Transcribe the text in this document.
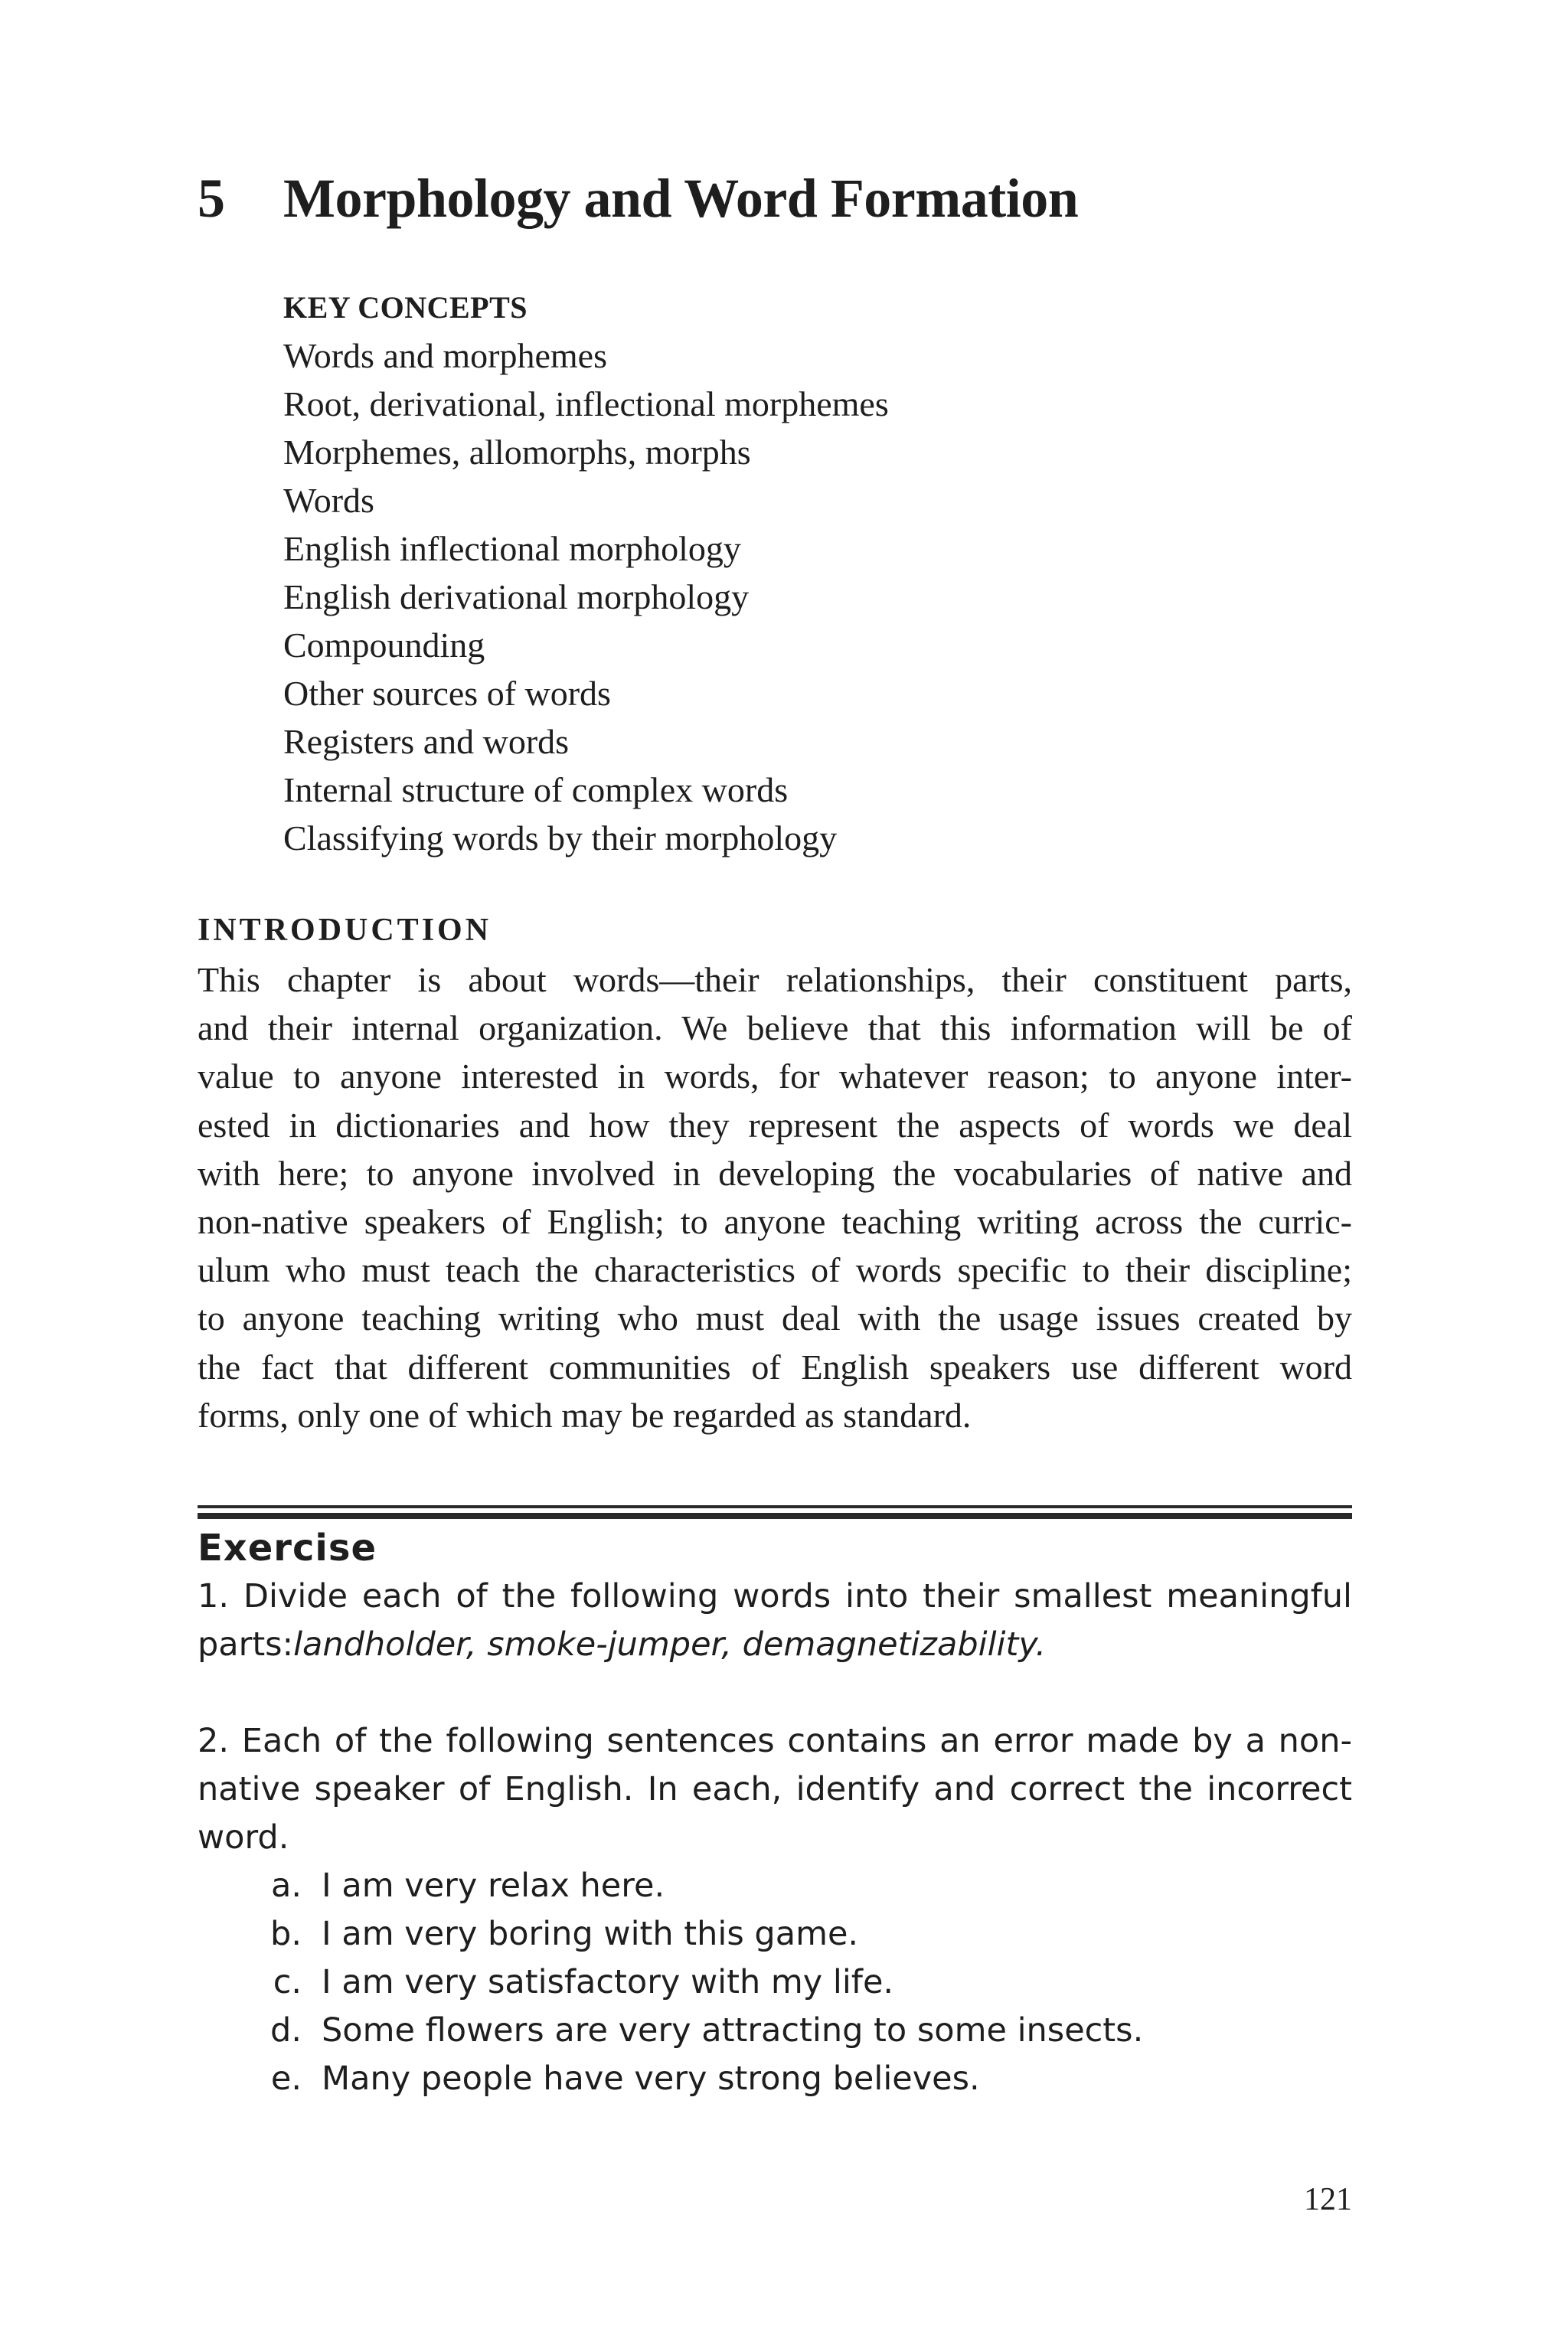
5 Morphology and Word Formation
KEY CONCEPTS
Words and morphemes
Root, derivational, inflectional morphemes
Morphemes, allomorphs, morphs
Words
English inflectional morphology
English derivational morphology
Compounding
Other sources of words
Registers and words
Internal structure of complex words
Classifying words by their morphology
INTRODUCTION
This chapter is about words—their relationships, their constituent parts,
and their internal organization. We believe that this information will be of
value to anyone interested in words, for whatever reason; to anyone inter-
ested in dictionaries and how they represent the aspects of words we deal
with here; to anyone involved in developing the vocabularies of native and
non-native speakers of English; to anyone teaching writing across the curric-
ulum who must teach the characteristics of words specific to their discipline;
to anyone teaching writing who must deal with the usage issues created by
the fact that different communities of English speakers use different word
forms, only one of which may be regarded as standard.
Exercise
1. Divide each of the following words into their smallest meaningful
parts:landholder, smoke-jumper, demagnetizability.
2. Each of the following sentences contains an error made by a non-
native speaker of English. In each, identify and correct the incorrect
word.
a. I am very relax here.
b. I am very boring with this game.
c. I am very satisfactory with my life.
d. Some flowers are very attracting to some insects.
e. Many people have very strong believes.
121
